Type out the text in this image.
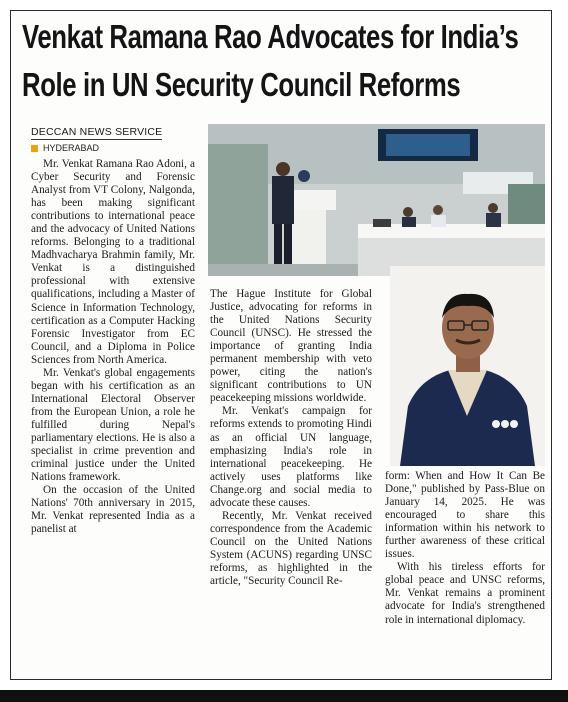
Venkat Ramana Rao Advocates for India’s
Role in UN Security Council Reforms
DECCAN NEWS SERVICE
HYDERABAD

Mr. Venkat Ramana Rao Adoni, a Cyber Security and Forensic Analyst from VT Colony, Nalgonda, has been making significant contributions to international peace and the advocacy of United Nations reforms. Belonging to a traditional Madhvacharya Brahmin family, Mr. Venkat is a distinguished professional with extensive qualifications, including a Master of Science in Information Technology, certification as a Computer Hacking Forensic Investigator from EC Council, and a Diploma in Police Sciences from North America.

Mr. Venkat's global engagements began with his certification as an International Electoral Observer from the European Union, a role he fulfilled during Nepal's parliamentary elections. He is also a specialist in crime prevention and criminal justice under the United Nations framework.

On the occasion of the United Nations' 70th anniversary in 2015, Mr. Venkat represented India as a panelist at

The Hague Institute for Global Justice, advocating for reforms in the United Nations Security Council (UNSC). He stressed the importance of granting India permanent membership with veto power, citing the nation's significant contributions to UN peacekeeping missions worldwide.

Mr. Venkat's campaign for reforms extends to promoting Hindi as an official UN language, emphasizing India's role in international peacekeeping. He actively uses platforms like Change.org and social media to advocate these causes.

Recently, Mr. Venkat received correspondence from the Academic Council on the United Nations System (ACUNS) regarding UNSC reforms, as highlighted in the article, "Security Council Re-

form: When and How It Can Be Done," published by Pass-Blue on January 14, 2025. He was encouraged to share this information within his network to further awareness of these critical issues.

With his tireless efforts for global peace and UNSC reforms, Mr. Venkat remains a prominent advocate for India's strengthened role in international diplomacy.
